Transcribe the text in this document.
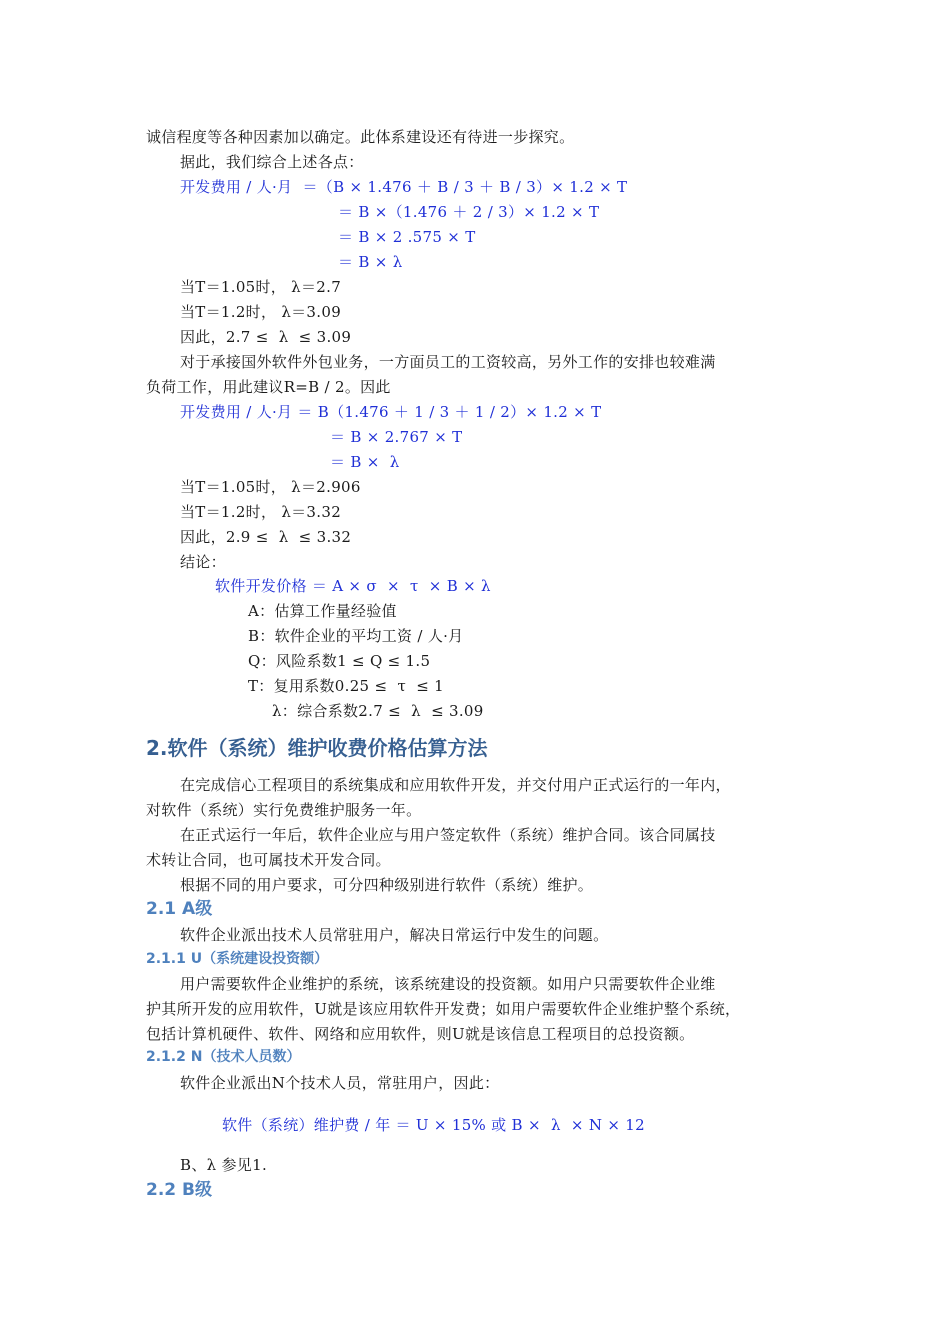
诚信程度等各种因素加以确定。此体系建设还有待进一步探究。
据此，我们综合上述各点：
开发费用 / 人·月  ＝（B × 1.476 ＋ B / 3 ＋ B / 3）× 1.2 × T
＝ B ×（1.476 ＋ 2 / 3）× 1.2 × T
＝ B × 2 .575 × T
＝ B × λ
当T＝1.05时， λ＝2.7
当T＝1.2时， λ＝3.09
因此，2.7 ≤  λ  ≤ 3.09
对于承接国外软件外包业务，一方面员工的工资较高，另外工作的安排也较难满
负荷工作，用此建议R=B / 2。因此
开发费用 / 人·月 ＝ B（1.476 ＋ 1 / 3 ＋ 1 / 2）× 1.2 × T
＝ B × 2.767 × T
＝ B ×  λ
当T＝1.05时， λ＝2.906
当T＝1.2时， λ＝3.32
因此，2.9 ≤  λ  ≤ 3.32
结论：
软件开发价格 ＝ A × σ  ×  τ  × B × λ
A：估算工作量经验值
B：软件企业的平均工资 / 人·月
Q：风险系数1 ≤ Q ≤ 1.5
T：复用系数0.25 ≤  τ  ≤ 1
λ：综合系数2.7 ≤  λ  ≤ 3.09
2.软件（系统）维护收费价格估算方法
在完成信心工程项目的系统集成和应用软件开发，并交付用户正式运行的一年内，
对软件（系统）实行免费维护服务一年。
在正式运行一年后，软件企业应与用户签定软件（系统）维护合同。该合同属技
术转让合同，也可属技术开发合同。
根据不同的用户要求，可分四种级别进行软件（系统）维护。
2.1 A级
软件企业派出技术人员常驻用户，解决日常运行中发生的问题。
2.1.1 U（系统建设投资额）
用户需要软件企业维护的系统，该系统建设的投资额。如用户只需要软件企业维
护其所开发的应用软件，U就是该应用软件开发费；如用户需要软件企业维护整个系统，
包括计算机硬件、软件、网络和应用软件，则U就是该信息工程项目的总投资额。
2.1.2 N（技术人员数）
软件企业派出N个技术人员，常驻用户，因此：
软件（系统）维护费 / 年 ＝ U × 15% 或 B ×  λ  × N × 12
B、λ 参见1.
2.2 B级
